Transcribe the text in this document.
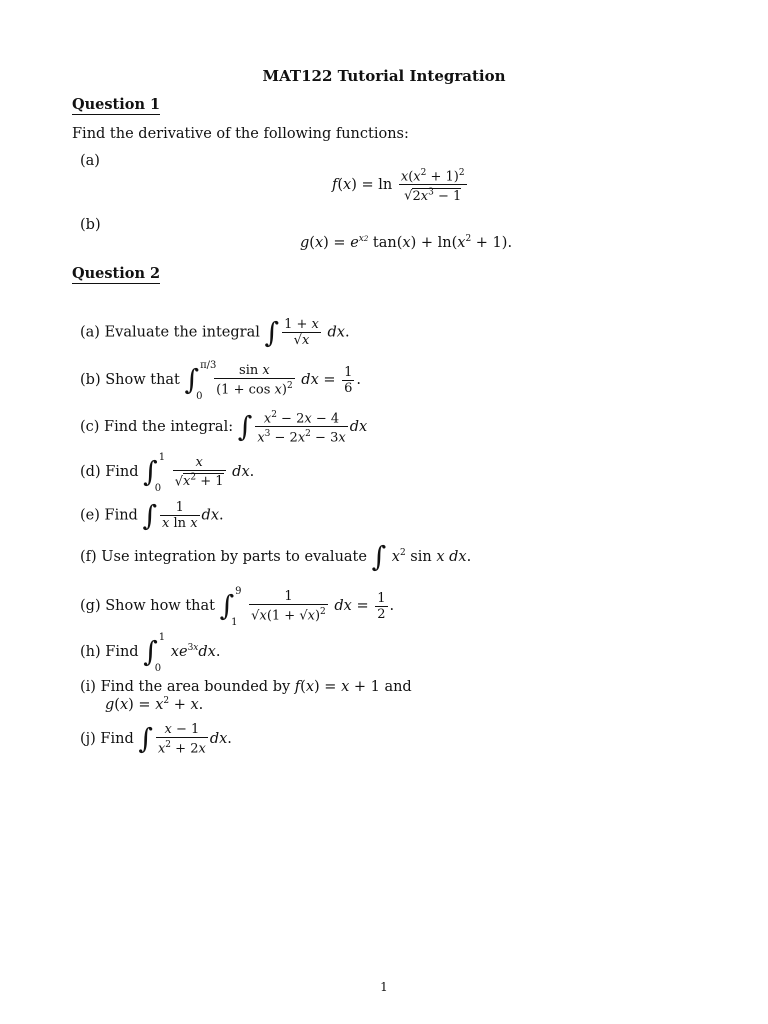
MAT122 Tutorial Integration
Question 1
Find the derivative of the following functions:
(a)
$f(x) = \ln \frac{x(x^2 + 1)^2}{√2x^3 - 1}$
(b)
$g(x) = e^{x2}$ $\tan(x) + \ln(x^2 + 1)$.
Question 2
(a) Evaluate the integral ∫ $\frac{1 + x}{√x}$ dx.
(b) Show that ∫ π/3
$0 \frac{\text{sin x}}{(1 + \cos x)^2}$ dx = $\frac{1}{6}$ .
(c) Find the integral: ∫ $\frac{x^2 - 2x - 4}{x^3 - 2x^2 - 3x}$ dx
(d) Find ∫ 1
$0 \frac{x}{√x^2 + 1}$ dx.
(e) Find ∫ $\frac{1}{\text{x ln x}}$ dx.
(f) Use integration by parts to evaluate ∫ $x^2$ sin x dx.
(g) Show how that ∫ 9
$1 \frac{1}{√x(1 + √x)^2}$ dx = $\frac{1}{2}$ .
(h) Find ∫ 1
0
$xe^{3x}dx$.
(i) Find the area bounded by f(x) = x + 1 and
$g(x) = x^2 + x$.
(j) Find ∫ $\frac{x - 1}{x^2 + 2x}$ dx.
1
